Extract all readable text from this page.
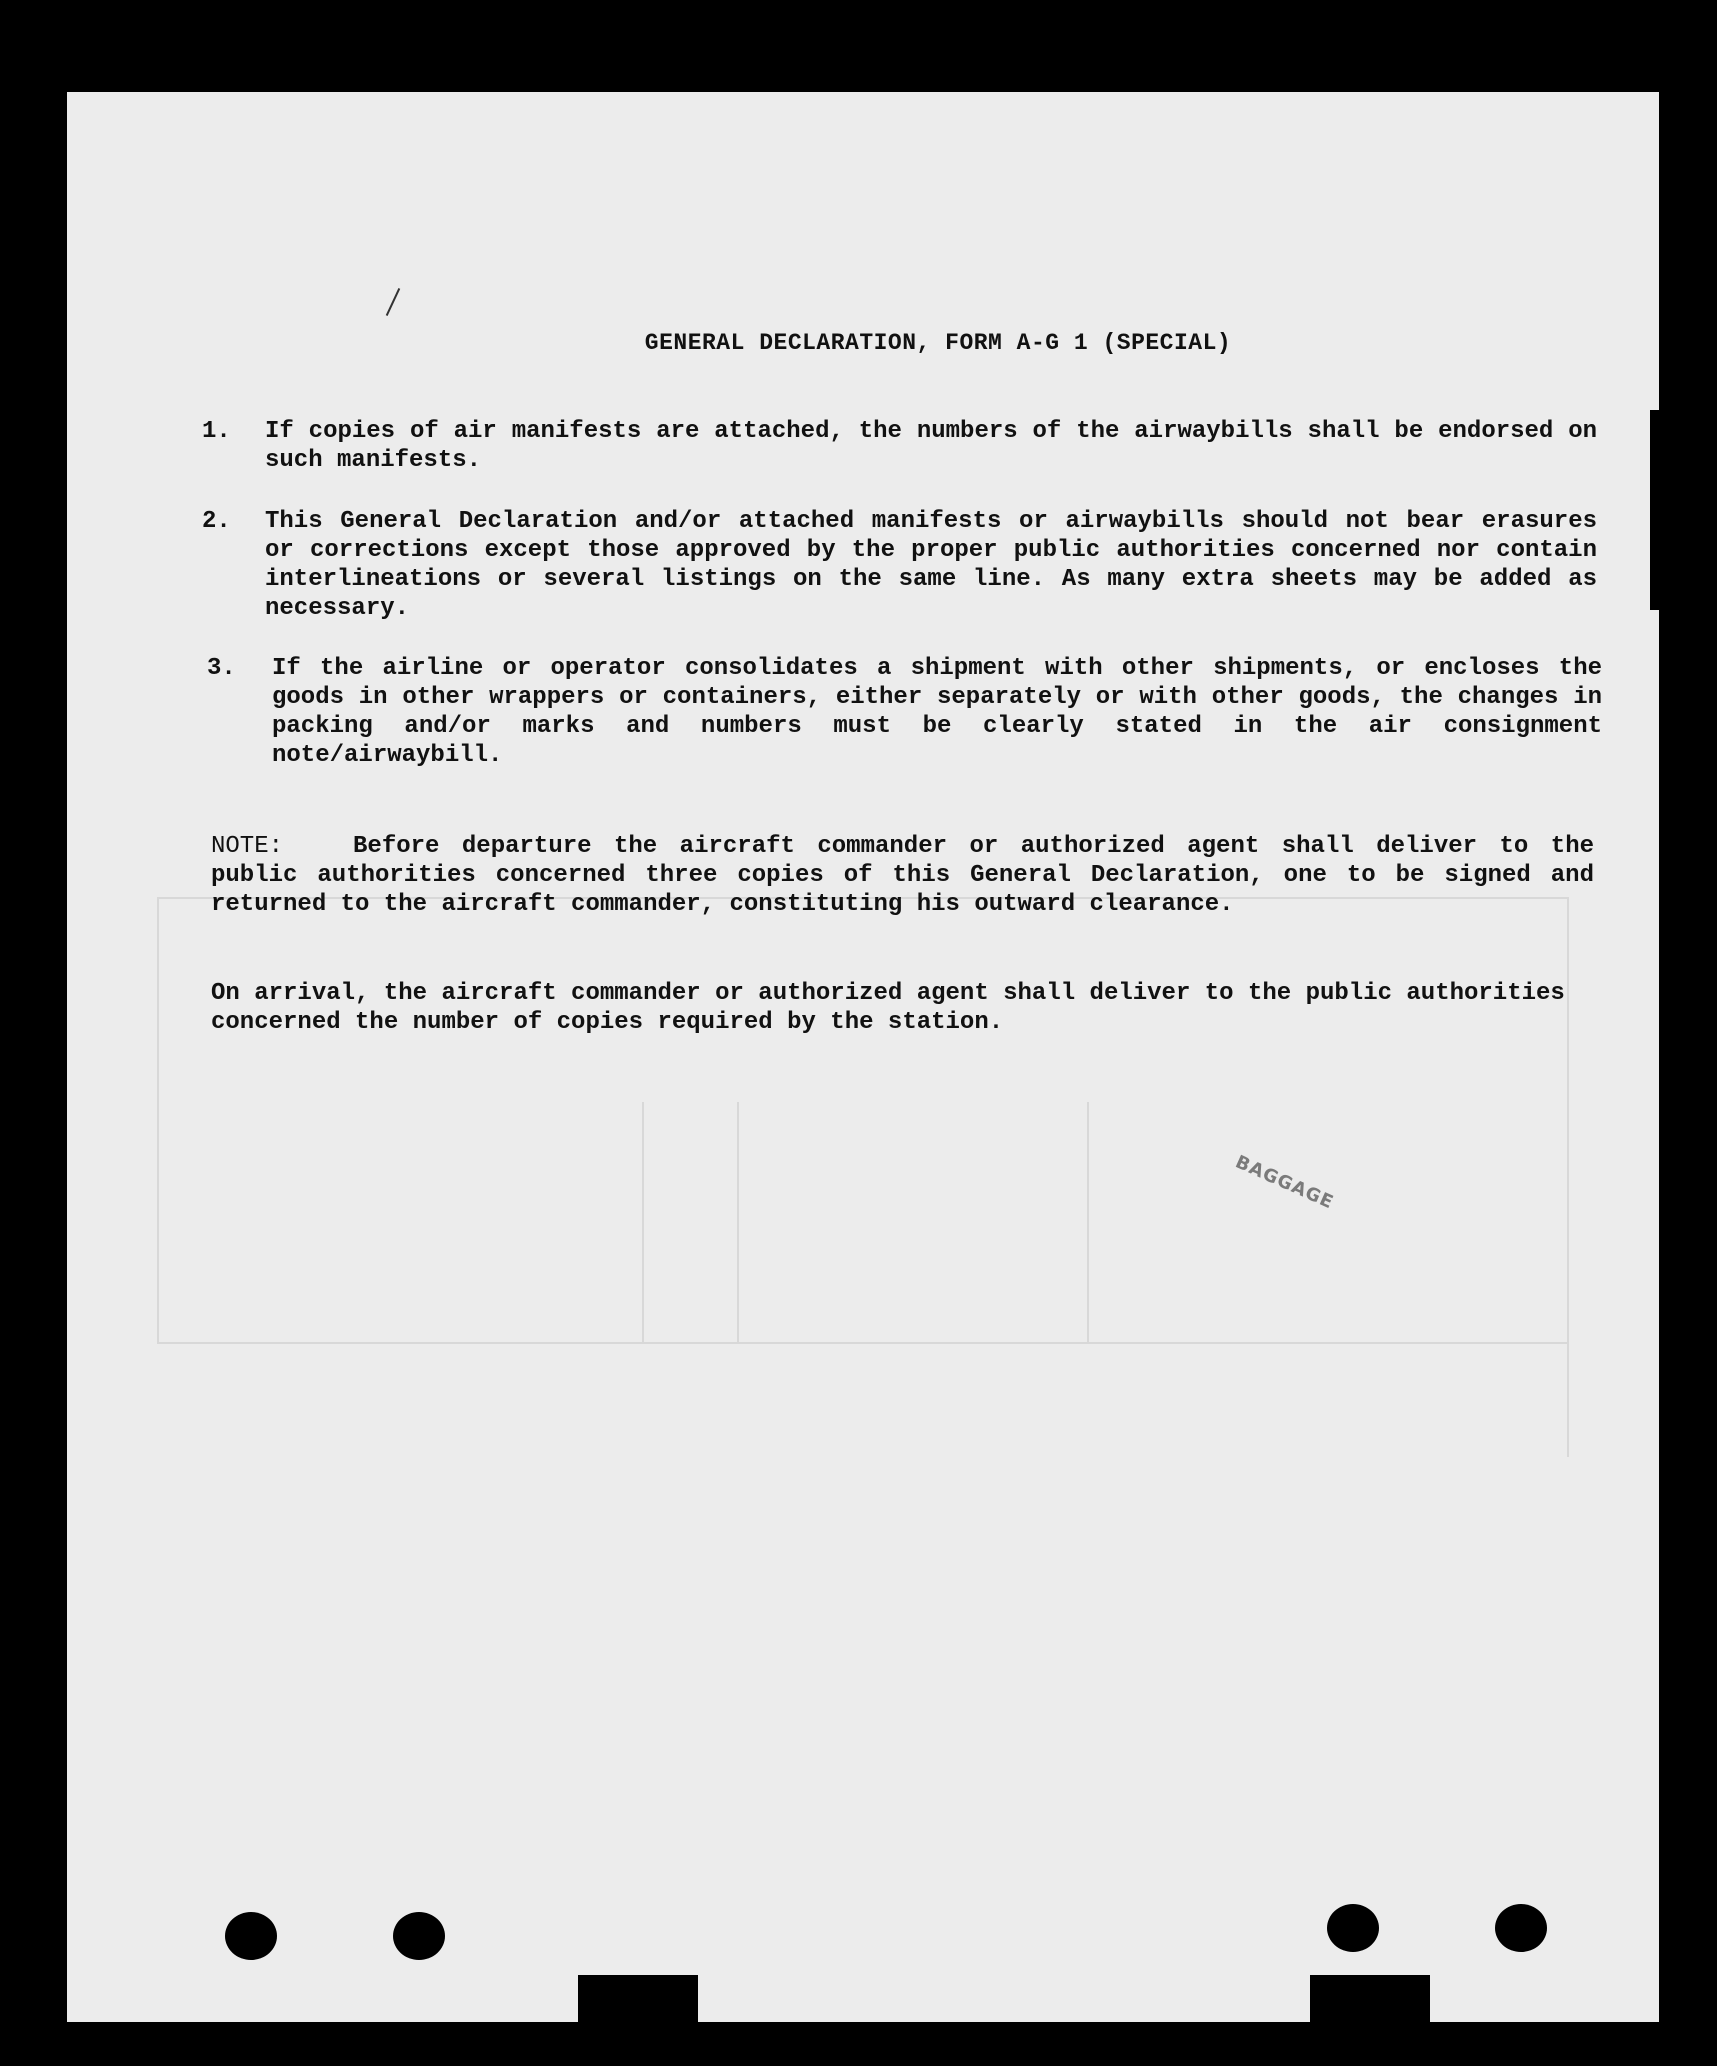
GENERAL DECLARATION, FORM A-G 1 (SPECIAL)
1. If copies of air manifests are attached, the numbers of the airwaybills shall be endorsed on such manifests.
2. This General Declaration and/or attached manifests or airwaybills should not bear erasures or corrections except those approved by the proper public authorities concerned nor contain interlineations or several listings on the same line. As many extra sheets may be added as necessary.
3. If the airline or operator consolidates a shipment with other shipments, or encloses the goods in other wrappers or containers, either separately or with other goods, the changes in packing and/or marks and numbers must be clearly stated in the air consignment note/airwaybill.
NOTE:	Before departure the aircraft commander or authorized agent shall deliver to the public authorities concerned three copies of this General Declaration, one to be signed and returned to the aircraft commander, constituting his outward clearance.
On arrival, the aircraft commander or authorized agent shall deliver to the public authorities concerned the number of copies required by the station.
BAGGAGE
